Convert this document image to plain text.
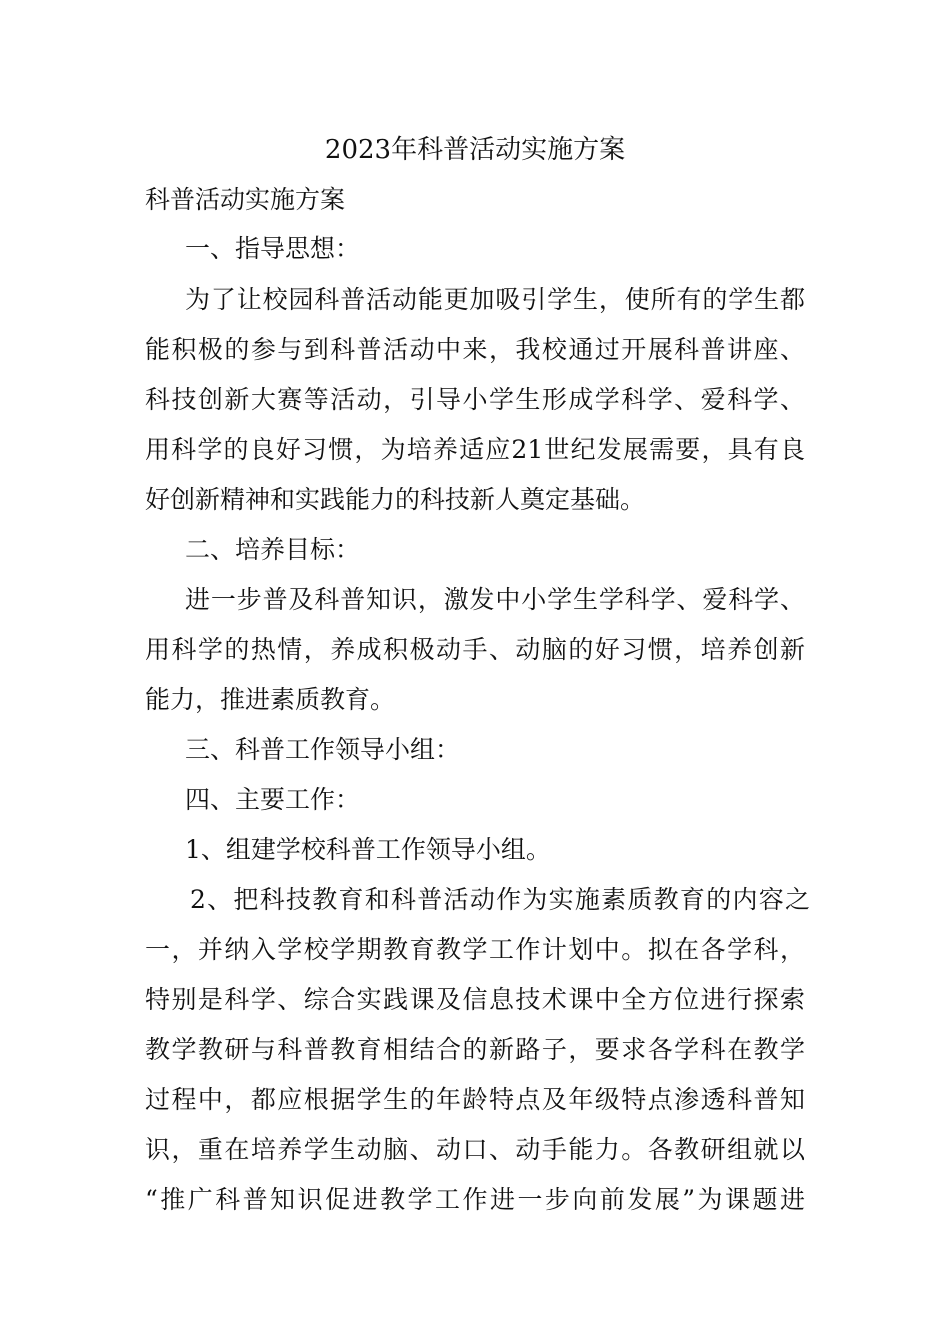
2023年科普活动实施方案
科普活动实施方案
一、指导思想：
为了让校园科普活动能更加吸引学生，使所有的学生都
能积极的参与到科普活动中来，我校通过开展科普讲座、
科技创新大赛等活动，引导小学生形成学科学、爱科学、
用科学的良好习惯，为培养适应21世纪发展需要，具有良
好创新精神和实践能力的科技新人奠定基础。
二、培养目标：
进一步普及科普知识，激发中小学生学科学、爱科学、
用科学的热情，养成积极动手、动脑的好习惯，培养创新
能力，推进素质教育。
三、科普工作领导小组：
四、主要工作：
1、组建学校科普工作领导小组。
2、把科技教育和科普活动作为实施素质教育的内容之
一，并纳入学校学期教育教学工作计划中。拟在各学科，
特别是科学、综合实践课及信息技术课中全方位进行探索
教学教研与科普教育相结合的新路子，要求各学科在教学
过程中，都应根据学生的年龄特点及年级特点渗透科普知
识，重在培养学生动脑、动口、动手能力。各教研组就以
“推广科普知识促进教学工作进一步向前发展”为课题进
